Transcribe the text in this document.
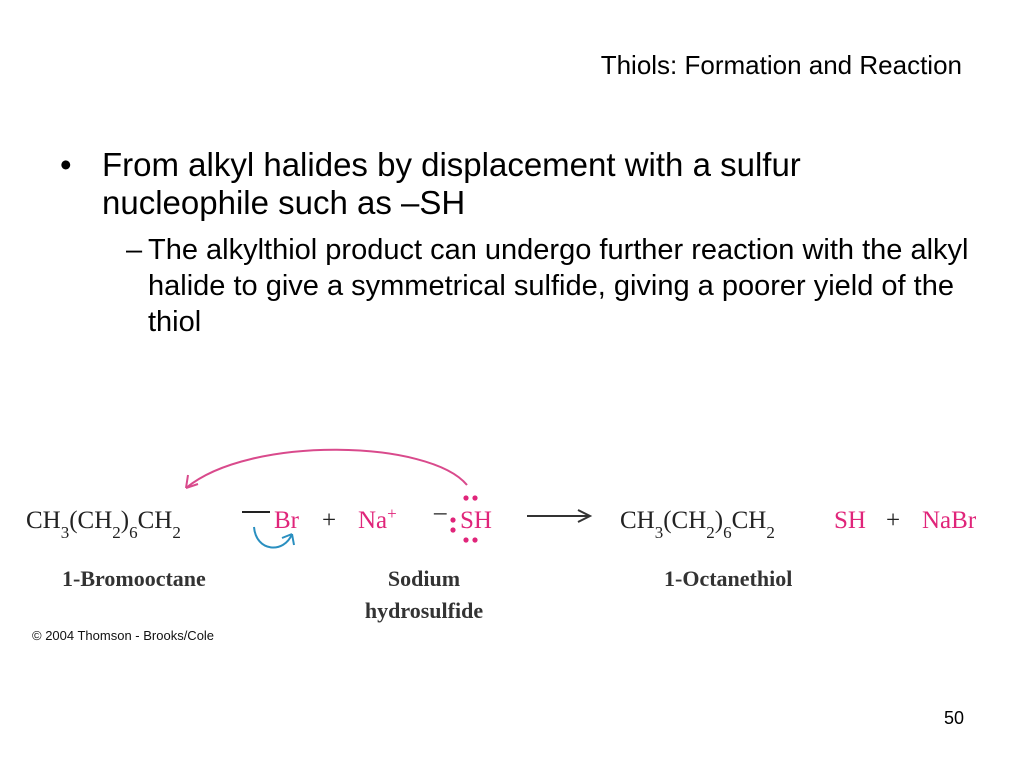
Thiols: Formation and Reaction
• From alkyl halides by displacement with a sulfur nucleophile such as –SH
– The alkylthiol product can undergo further reaction with the alkyl halide to give a symmetrical sulfide, giving a poorer yield of the thiol
$CH_3(CH_2)_6CH_2$	Br + Na+ – SH	$CH_3(CH_2)_6CH_2$ SH + NaBr
1-Bromooctane	Sodium
hydrosulfide
1-Octanethiol
© 2004 Thomson - Brooks/Cole
50
